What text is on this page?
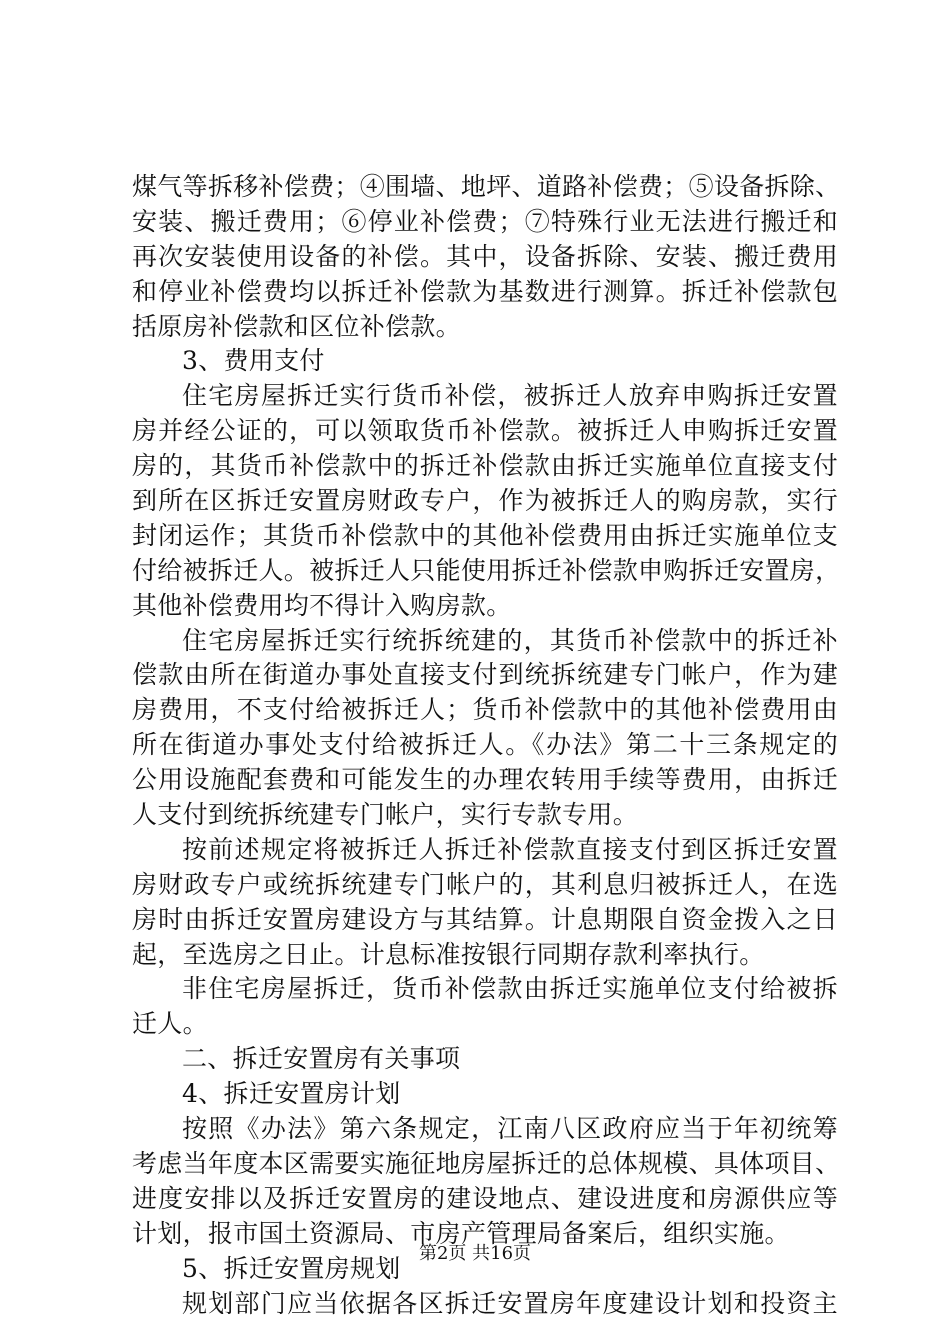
煤气等拆移补偿费；④围墙、地坪、道路补偿费；⑤设备拆除、
安装、搬迁费用；⑥停业补偿费；⑦特殊行业无法进行搬迁和
再次安装使用设备的补偿。其中，设备拆除、安装、搬迁费用
和停业补偿费均以拆迁补偿款为基数进行测算。拆迁补偿款包
括原房补偿款和区位补偿款。
3、费用支付
住宅房屋拆迁实行货币补偿，被拆迁人放弃申购拆迁安置
房并经公证的，可以领取货币补偿款。被拆迁人申购拆迁安置
房的，其货币补偿款中的拆迁补偿款由拆迁实施单位直接支付
到所在区拆迁安置房财政专户，作为被拆迁人的购房款，实行
封闭运作；其货币补偿款中的其他补偿费用由拆迁实施单位支
付给被拆迁人。被拆迁人只能使用拆迁补偿款申购拆迁安置房，
其他补偿费用均不得计入购房款。
住宅房屋拆迁实行统拆统建的，其货币补偿款中的拆迁补
偿款由所在街道办事处直接支付到统拆统建专门帐户，作为建
房费用，不支付给被拆迁人；货币补偿款中的其他补偿费用由
所在街道办事处支付给被拆迁人。《办法》第二十三条规定的
公用设施配套费和可能发生的办理农转用手续等费用，由拆迁
人支付到统拆统建专门帐户，实行专款专用。
按前述规定将被拆迁人拆迁补偿款直接支付到区拆迁安置
房财政专户或统拆统建专门帐户的，其利息归被拆迁人，在选
房时由拆迁安置房建设方与其结算。计息期限自资金拨入之日
起，至选房之日止。计息标准按银行同期存款利率执行。
非住宅房屋拆迁，货币补偿款由拆迁实施单位支付给被拆
迁人。
二、拆迁安置房有关事项
4、拆迁安置房计划
按照《办法》第六条规定，江南八区政府应当于年初统筹
考虑当年度本区需要实施征地房屋拆迁的总体规模、具体项目、
进度安排以及拆迁安置房的建设地点、建设进度和房源供应等
计划，报市国土资源局、市房产管理局备案后，组织实施。
5、拆迁安置房规划
规划部门应当依据各区拆迁安置房年度建设计划和投资主
第2页 共16页
